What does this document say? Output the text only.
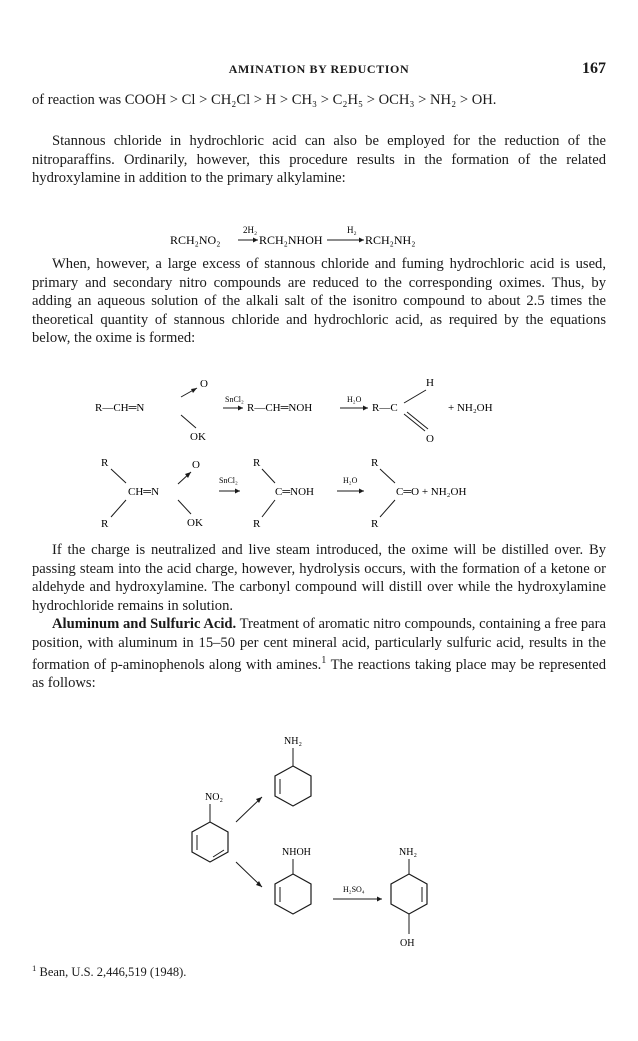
AMINATION BY REDUCTION	167

of reaction was COOH > Cl > CH₂Cl > H > CH₃ > C₂H₅ > OCH₃ > NH₂ > OH.

Stannous chloride in hydrochloric acid can also be employed for the reduction of the nitroparaffins. Ordinarily, however, this procedure results in the formation of the related hydroxylamine in addition to the primary alkylamine:

RCH₂NO₂
2H₂
RCH₂NHOH
H₂
RCH₂NH₂

When, however, a large excess of stannous chloride and fuming hydrochloric acid is used, primary and secondary nitro compounds are reduced to the corresponding oximes. Thus, by adding an aqueous solution of the alkali salt of the isonitro compound to about 2.5 times the theoretical quantity of stannous chloride and hydrochloric acid, as required by the equations below, the oxime is formed:

O
R—CH═N
OK
SnCl₂
R—CH═NOH
H₂O
R—C
H
O
+ NH₂OH
R
CH═N
R
O
OK
SnCl₂
R
C═NOH
R
H₂O
R
C═O + NH₂OH
R

If the charge is neutralized and live steam introduced, the oxime will be distilled over. By passing steam into the acid charge, however, hydrolysis occurs, with the formation of a ketone or aldehyde and hydroxylamine. The carbonyl compound will distill over while the hydroxylamine hydrochloride remains in solution.

Aluminum and Sulfuric Acid. Treatment of aromatic nitro compounds, containing a free para position, with aluminum in 15–50 per cent mineral acid, particularly sulfuric acid, results in the formation of p-aminophenols along with amines.$^1$ The reactions taking place may be represented as follows:

NO₂
NH₂
NHOH
H₂SO₄
NH₂
OH
$^1$ Bean, U.S. 2,446,519 (1948).
